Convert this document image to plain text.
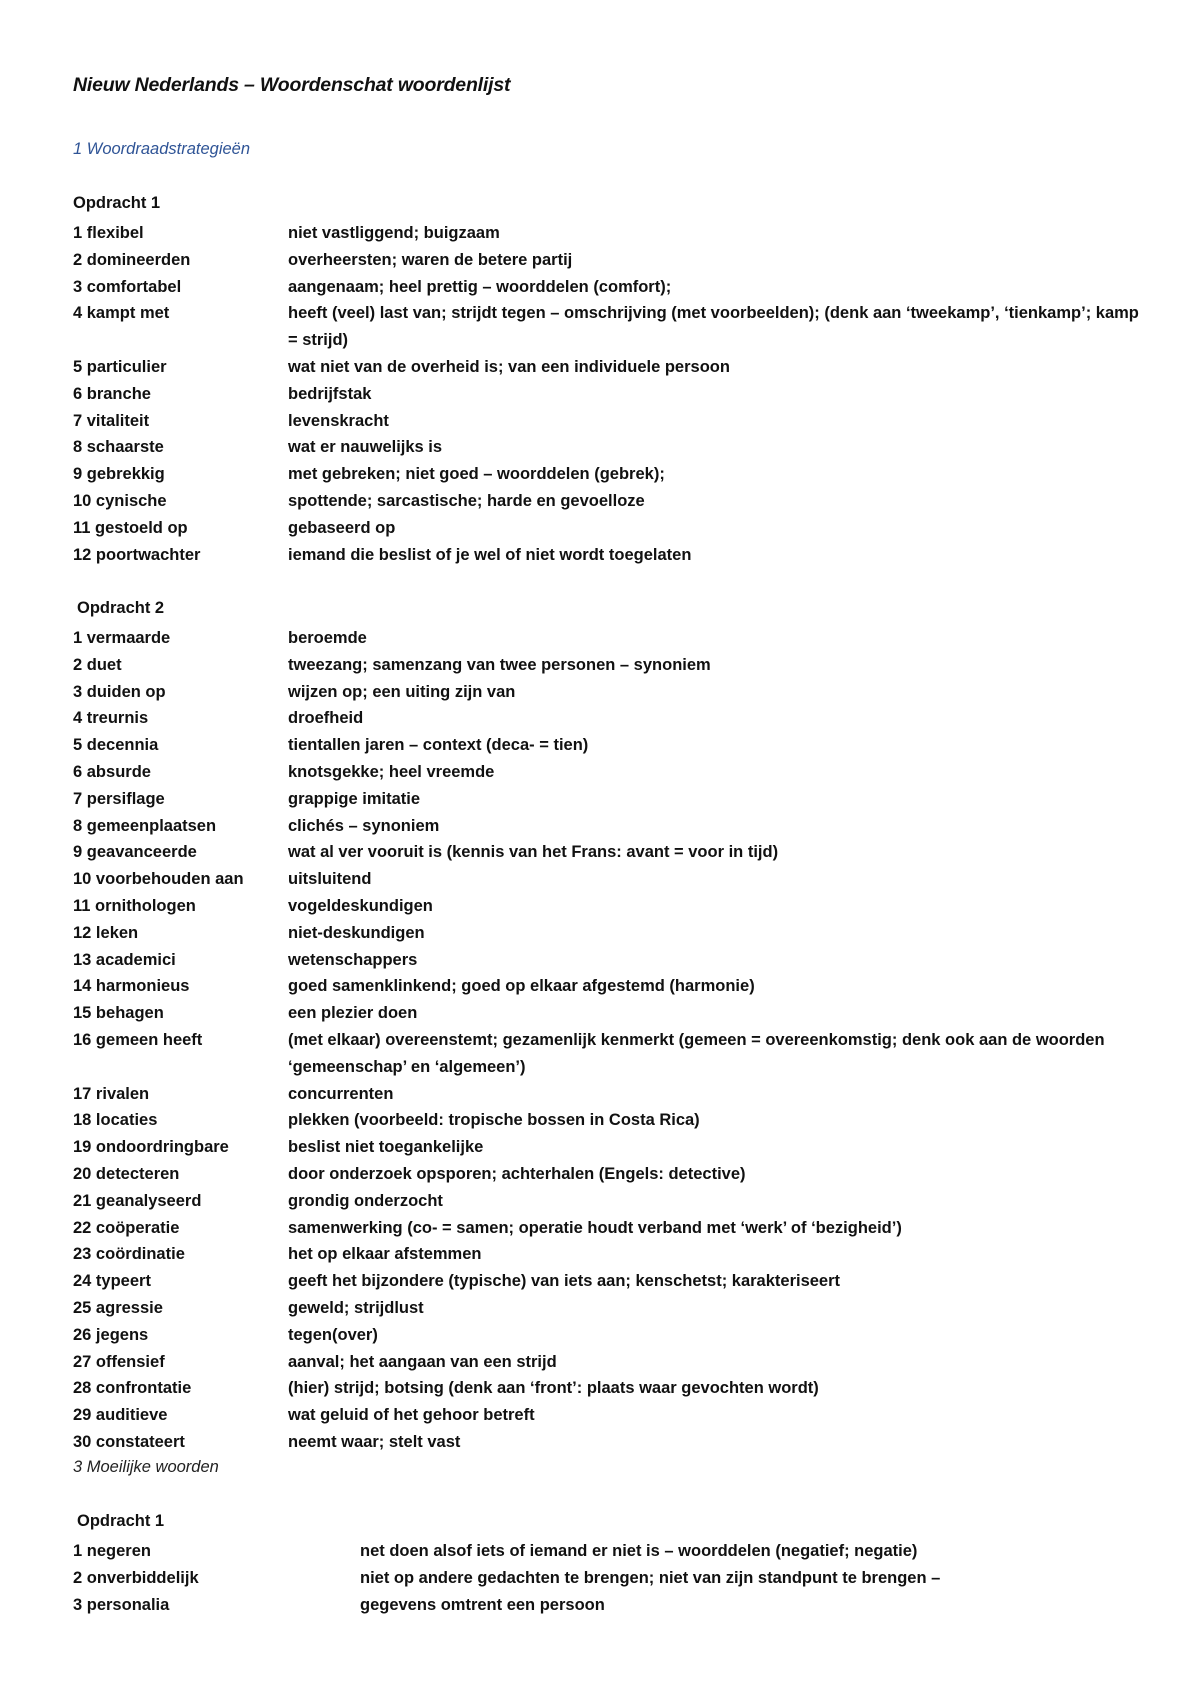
Nieuw Nederlands – Woordenschat woordenlijst
1 Woordraadstrategieën
Opdracht 1
1 flexibel	niet vastliggend; buigzaam
2 domineerden	overheersten; waren de betere partij
3 comfortabel	aangenaam; heel prettig – woorddelen (comfort);
4 kampt met	heeft (veel) last van; strijdt tegen – omschrijving (met voorbeelden); (denk aan ‘tweekamp’, ‘tienkamp’; kamp = strijd)
5 particulier	wat niet van de overheid is; van een individuele persoon
6 branche	bedrijfstak
7 vitaliteit	levenskracht
8 schaarste	wat er nauwelijks is
9 gebrekkig	met gebreken; niet goed – woorddelen (gebrek);
10 cynische	spottende; sarcastische; harde en gevoelloze
11 gestoeld op	gebaseerd op
12 poortwachter	iemand die beslist of je wel of niet wordt toegelaten
Opdracht 2
1 vermaarde	beroemde
2 duet	tweezang; samenzang van twee personen – synoniem
3 duiden op	wijzen op; een uiting zijn van
4 treurnis	droefheid
5 decennia	tientallen jaren – context (deca- = tien)
6 absurde	knotsgekke; heel vreemde
7 persiflage	grappige imitatie
8 gemeenplaatsen	clichés – synoniem
9 geavanceerde	wat al ver vooruit is (kennis van het Frans: avant = voor in tijd)
10 voorbehouden aan	uitsluitend
11 ornithologen	vogeldeskundigen
12 leken	niet-deskundigen
13 academici	wetenschappers
14 harmonieus	goed samenklinkend; goed op elkaar afgestemd (harmonie)
15 behagen	een plezier doen
16 gemeen heeft	(met elkaar) overeenstemt; gezamenlijk kenmerkt (gemeen = overeenkomstig; denk ook aan de woorden ‘gemeenschap’ en ‘algemeen’)
17 rivalen	concurrenten
18 locaties	plekken (voorbeeld: tropische bossen in Costa Rica)
19 ondoordringbare	beslist niet toegankelijke
20 detecteren	door onderzoek opsporen; achterhalen (Engels: detective)
21 geanalyseerd	grondig onderzocht
22 coöperatie	samenwerking (co- = samen; operatie houdt verband met ‘werk’ of ‘bezigheid’)
23 coördinatie	het op elkaar afstemmen
24 typeert	geeft het bijzondere (typische) van iets aan; kenschetst; karakteriseert
25 agressie	geweld; strijdlust
26 jegens	tegen(over)
27 offensief	aanval; het aangaan van een strijd
28 confrontatie	(hier) strijd; botsing (denk aan ‘front’: plaats waar gevochten wordt)
29 auditieve	wat geluid of het gehoor betreft
30 constateert	neemt waar; stelt vast
3 Moeilijke woorden
Opdracht 1
1 negeren	net doen alsof iets of iemand er niet is – woorddelen (negatief; negatie)
2 onverbiddelijk	niet op andere gedachten te brengen; niet van zijn standpunt te brengen –
3 personalia	gegevens omtrent een persoon
